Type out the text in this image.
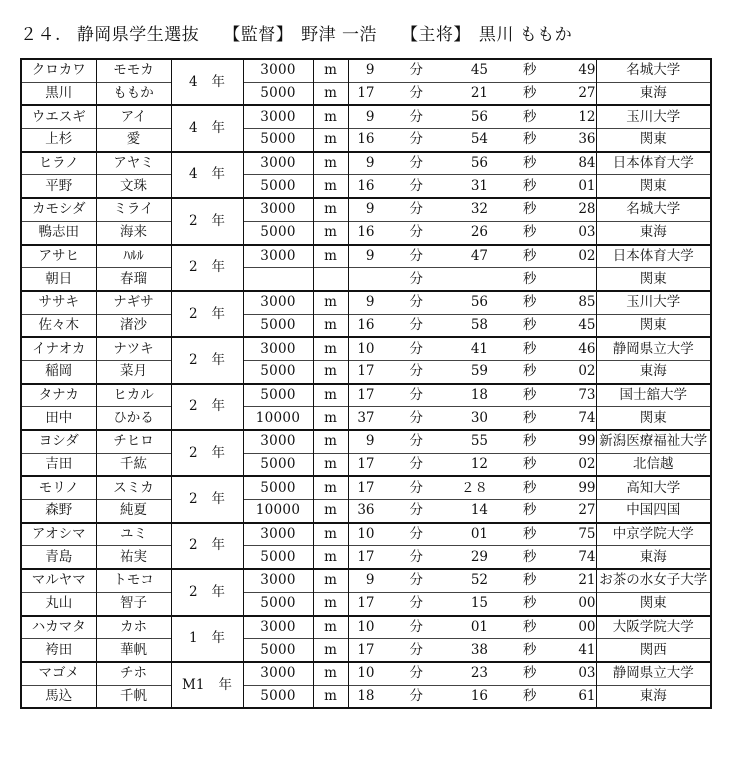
２４. 静岡県学生選抜 【監督】 野津 一浩 【主将】 黒川 ももか
クロカワ	モモカ	4 年	3000	m	9 分 45 秒 49	名城大学
黒川	ももか		5000	m	17 分 21 秒 27	東海
ウエスギ	アイ	4 年	3000	m	9 分 56 秒 12	玉川大学
上杉	愛		5000	m	16 分 54 秒 36	関東
ヒラノ	アヤミ	4 年	3000	m	9 分 56 秒 84	日本体育大学
平野	文珠		5000	m	16 分 31 秒 01	関東
カモシダ	ミライ	2 年	3000	m	9 分 32 秒 28	名城大学
鴨志田	海来		5000	m	16 分 26 秒 03	東海
アサヒ	ﾊﾙﾙ	2 年	3000	m	9 分 47 秒 02	日本体育大学
朝日	春瑠				分 秒	関東
ササキ	ナギサ	2 年	3000	m	9 分 56 秒 85	玉川大学
佐々木	渚沙		5000	m	16 分 58 秒 45	関東
イナオカ	ナツキ	2 年	3000	m	10 分 41 秒 46	静岡県立大学
稲岡	菜月		5000	m	17 分 59 秒 02	東海
タナカ	ヒカル	2 年	5000	m	17 分 18 秒 73	国士舘大学
田中	ひかる		10000	m	37 分 30 秒 74	関東
ヨシダ	チヒロ	2 年	3000	m	9 分 55 秒 99	新潟医療福祉大学
吉田	千紘		5000	m	17 分 12 秒 02	北信越
モリノ	スミカ	2 年	5000	m	17 分 ２８ 秒 99	高知大学
森野	純夏		10000	m	36 分 14 秒 27	中国四国
アオシマ	ユミ	2 年	3000	m	10 分 01 秒 75	中京学院大学
青島	祐実		5000	m	17 分 29 秒 74	東海
マルヤマ	トモコ	2 年	3000	m	9 分 52 秒 21	お茶の水女子大学
丸山	智子		5000	m	17 分 15 秒 00	関東
ハカマタ	カホ	1 年	3000	m	10 分 01 秒 00	大阪学院大学
袴田	華帆		5000	m	17 分 38 秒 41	関西
マゴメ	チホ	M1 年	3000	m	10 分 23 秒 03	静岡県立大学
馬込	千帆		5000	m	18 分 16 秒 61	東海
